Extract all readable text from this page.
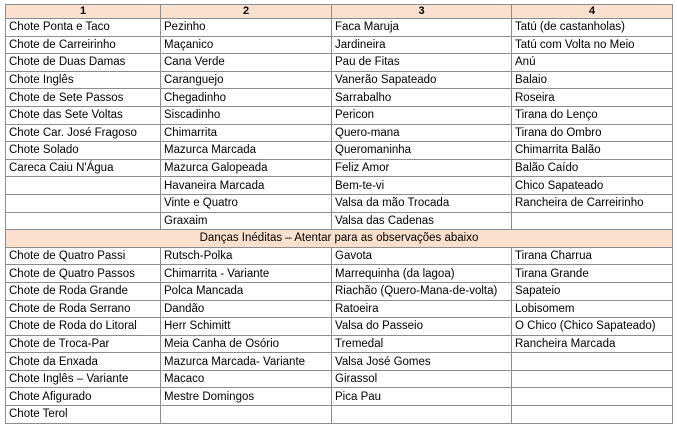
1	2	3	4
Chote Ponta e Taco	Pezinho	Faca Maruja	Tatú (de castanholas)
Chote de Carreirinho	Maçanico	Jardineira	Tatú com Volta no Meio
Chote de Duas Damas	Cana Verde	Pau de Fitas	Anú
Chote Inglês	Caranguejo	Vanerão Sapateado	Balaio
Chote de Sete Passos	Chegadinho	Sarrabalho	Roseira
Chote das Sete Voltas	Siscadinho	Pericon	Tirana do Lenço
Chote Car. José Fragoso	Chimarrita	Quero-mana	Tirana do Ombro
Chote Solado	Mazurca Marcada	Queromaninha	Chimarrita Balão
Careca Caiu N'Água	Mazurca Galopeada	Feliz Amor	Balão Caído
	Havaneira Marcada	Bem-te-vi	Chico Sapateado
	Vinte e Quatro	Valsa da mão Trocada	Rancheira de Carreirinho
	Graxaim	Valsa das Cadenas	
Danças Inéditas – Atentar para as observações abaixo			
Chote de Quatro Passi	Rutsch-Polka	Gavota	Tirana Charrua
Chote de Quatro Passos	Chimarrita - Variante	Marrequinha (da lagoa)	Tirana Grande
Chote de Roda Grande	Polca Mancada	Riachão (Quero-Mana-de-volta)	Sapateio
Chote de Roda Serrano	Dandão	Ratoeira	Lobisomem
Chote de Roda do Litoral	Herr Schimitt	Valsa do Passeio	O Chico (Chico Sapateado)
Chote de Troca-Par	Meia Canha de Osório	Tremedal	Rancheira Marcada
Chote da Enxada	Mazurca Marcada- Variante	Valsa José Gomes	
Chote Inglês – Variante	Macaco	Girassol	
Chote Afigurado	Mestre Domingos	Pica Pau	
Chote Terol			
